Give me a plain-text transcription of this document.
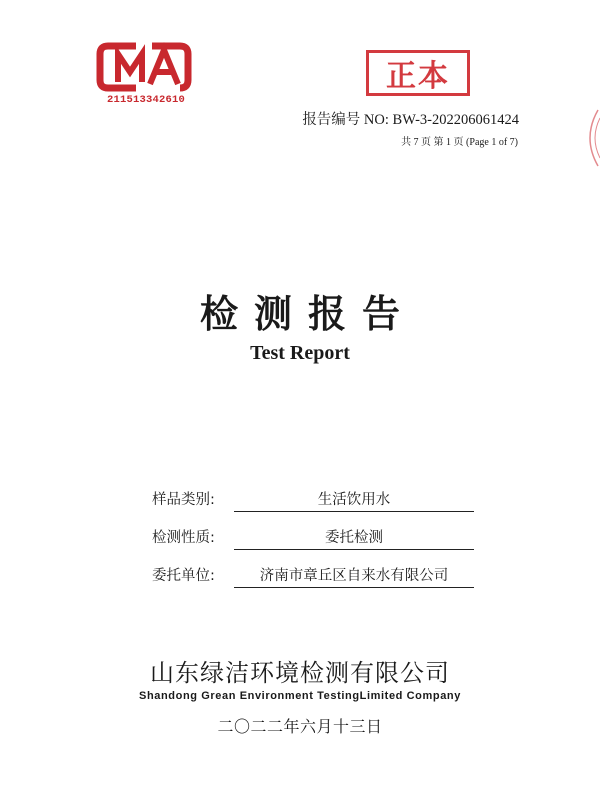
211513342610
正本
报告编号 NO: BW-3-202206061424
共 7 页 第 1 页 (Page 1 of 7)
检测报告
Test Report
样品类别:	生活饮用水
检测性质:	委托检测
委托单位:	济南市章丘区自来水有限公司
山东绿洁环境检测有限公司
Shandong Grean Environment TestingLimited Company
二〇二二年六月十三日
